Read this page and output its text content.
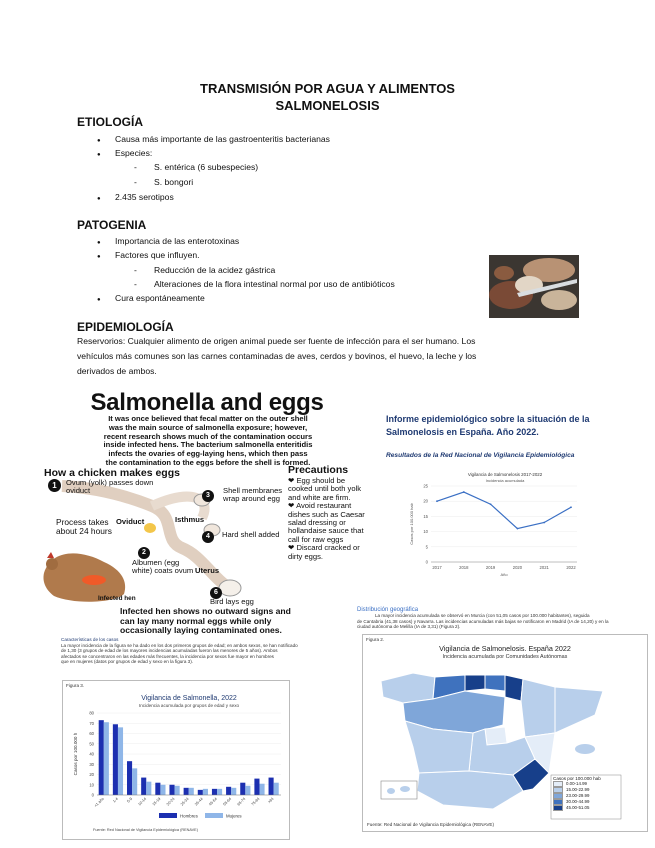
TRANSMISIÓN POR AGUA Y ALIMENTOS
SALMONELOSIS
ETIOLOGÍA
● Causa más importante de las gastroenteritis bacterianas
● Especies:
- S. entérica (6 subespecies)
- S. bongori
● 2.435 serotipos
PATOGENIA
● Importancia de las enterotoxinas
● Factores que influyen.
- Reducción de la acidez gástrica
- Alteraciones de la flora intestinal normal por uso de antibióticos
● Cura espontáneamente
EPIDEMIOLOGÍA
Reservorios: Cualquier alimento de origen animal puede ser fuente de infección para el ser humano. Los
vehículos más comunes son las carnes contaminadas de aves, cerdos y bovinos, el huevo, la leche y los
derivados de ambos.
Salmonella and eggs
It was once believed that fecal matter on the outer shell
was the main source of salmonella exposure; however,
recent research shows much of the contamination occurs
inside infected hens. The bacterium salmonella enteritidis
infects the ovaries of egg-laying hens, which then pass
the contamination to the eggs before the shell is formed.
How a chicken makes eggs	Precautions
1	Ovum (yolk) passes down oviduct
Oviduct	Isthmus
3
Shell membranes wrap around egg
4	Hard shell added
Process takes about 24 hours
2
Albumen (egg white) coats ovum Uterus
Infected hen
6
Bird lays egg
❤ Egg should be cooked until both yolk and white are firm.
❤ Avoid restaurant dishes such as Caesar salad dressing or hollandaise sauce that call for raw eggs
❤ Discard cracked or dirty eggs.
Infected hen shows no outward signs and
can lay many normal eggs while only
occasionally laying contaminated ones.
Informe epidemiológico sobre la situación de la
Salmonelosis en España. Año 2022.
Resultados de la Red Nacional de Vigilancia Epidemiológica
Vigilancia de Salmonelosis 2017-2022
Incidencia acumulada
0
5
10
15
20
25
2017	2018	2019	2020	2021	2022
Año
Casos por 100.000 hab
Características de los casos
La mayor incidencia de la figura se ha dado en los dos primeros grupos de edad; en ambos sexos, se han notificado
de 1,30 (3 grupos de edad de los mayores incidencias acumuladas fueron las menores de 5 años). Ambos
afectados se concentraron en las edades más frecuentes, la incidencia por sexos fue mayor en hombres
que en mujeres (datos por grupos de edad y sexo en la figura 3).
Figura 3.
Vigilancia de Salmonella, 2022
Incidencia acumulada por grupos de edad y sexo
0
10
20
30
40
50
60
70
80
Casos por 100.000 h
<1 año 1-4 5-9 10-14 15-19 20-24 25-34 35-44 45-54 55-64 65-74 75-84 >84
Hombres	Mujeres
Fuente: Red Nacional de Vigilancia Epidemiológica (RENAVE)
Distribución geográfica
La mayor incidencia acumulada se observó en Murcia (con 51,05 casos por 100.000 habitantes), seguida
de Cantabria (41,38 casos) y Navarra. Las incidencias acumuladas más bajas se notificaron en Madrid (IA de 14,20) y en la
ciudad autónoma de Melilla (IA de 3,31) (Figura 2).
Figura 2.
Vigilancia de Salmonelosis. España 2022
Incidencia acumulada por Comunidades Autónomas
Casos por 100.000 hab
0.00-14.99
15.00-22.99
23.00-29.99
30.00-44.99
45.00-51.05
Fuente: Red Nacional de Vigilancia Epidemiológica (RENAVE)
